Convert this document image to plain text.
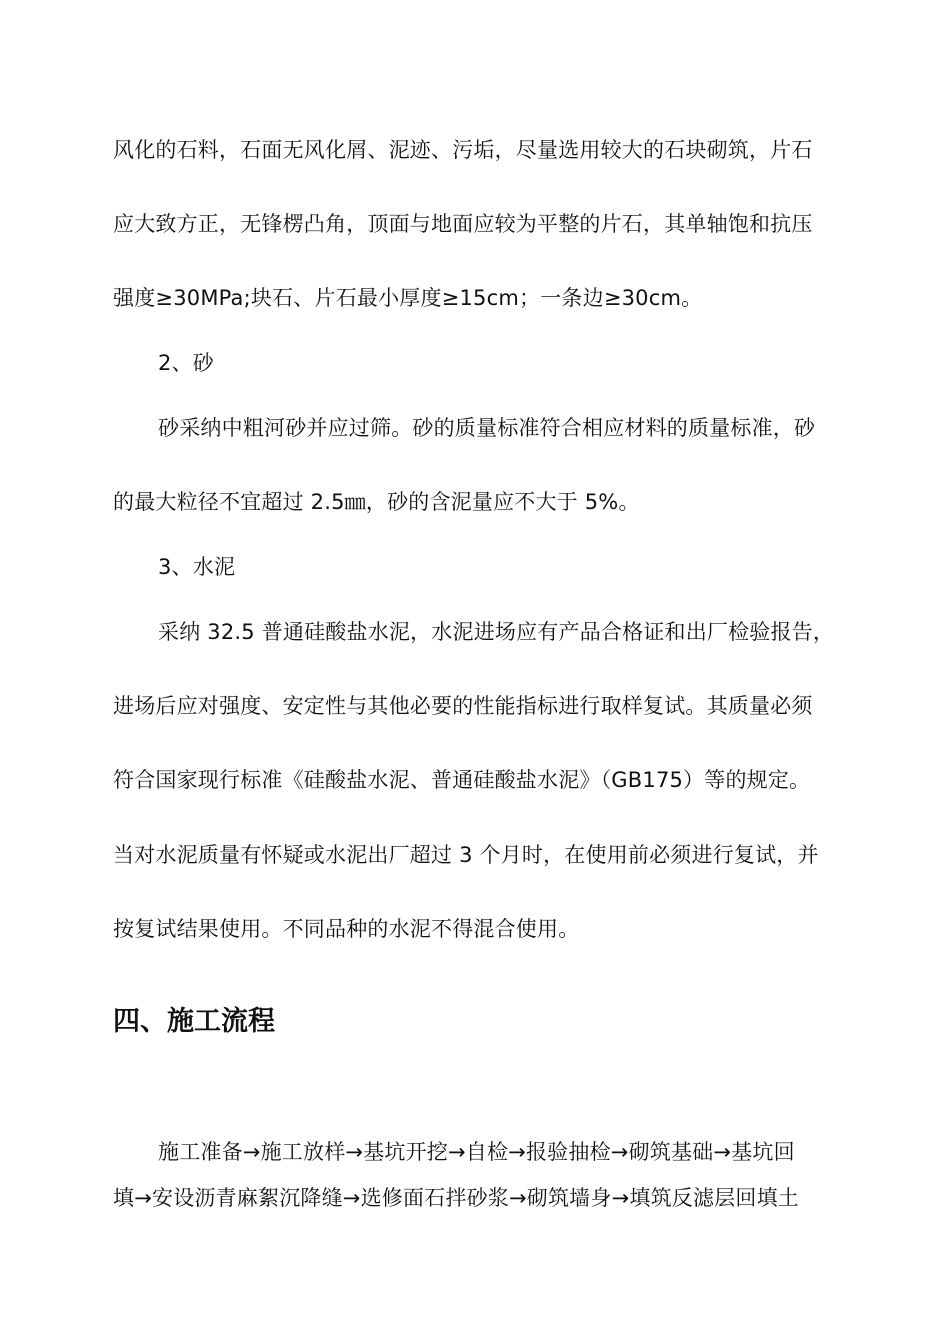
风化的石料，石面无风化屑、泥迹、污垢，尽量选用较大的石块砌筑，片石

应大致方正，无锋楞凸角，顶面与地面应较为平整的片石，其单轴饱和抗压

强度≥30MPa;块石、片石最小厚度≥15cm；一条边≥30cm。

2、砂

砂采纳中粗河砂并应过筛。砂的质量标准符合相应材料的质量标准，砂

的最大粒径不宜超过 2.5㎜，砂的含泥量应不大于 5%。

3、水泥

采纳 32.5 普通硅酸盐水泥，水泥进场应有产品合格证和出厂检验报告，

进场后应对强度、安定性与其他必要的性能指标进行取样复试。其质量必须

符合国家现行标准《硅酸盐水泥、普通硅酸盐水泥》（GB175）等的规定。

当对水泥质量有怀疑或水泥出厂超过 3 个月时，在使用前必须进行复试，并

按复试结果使用。不同品种的水泥不得混合使用。

四、施工流程

施工准备→施工放样→基坑开挖→自检→报验抽检→砌筑基础→基坑回

填→安设沥青麻絮沉降缝→选修面石拌砂浆→砌筑墙身→填筑反滤层回填土
